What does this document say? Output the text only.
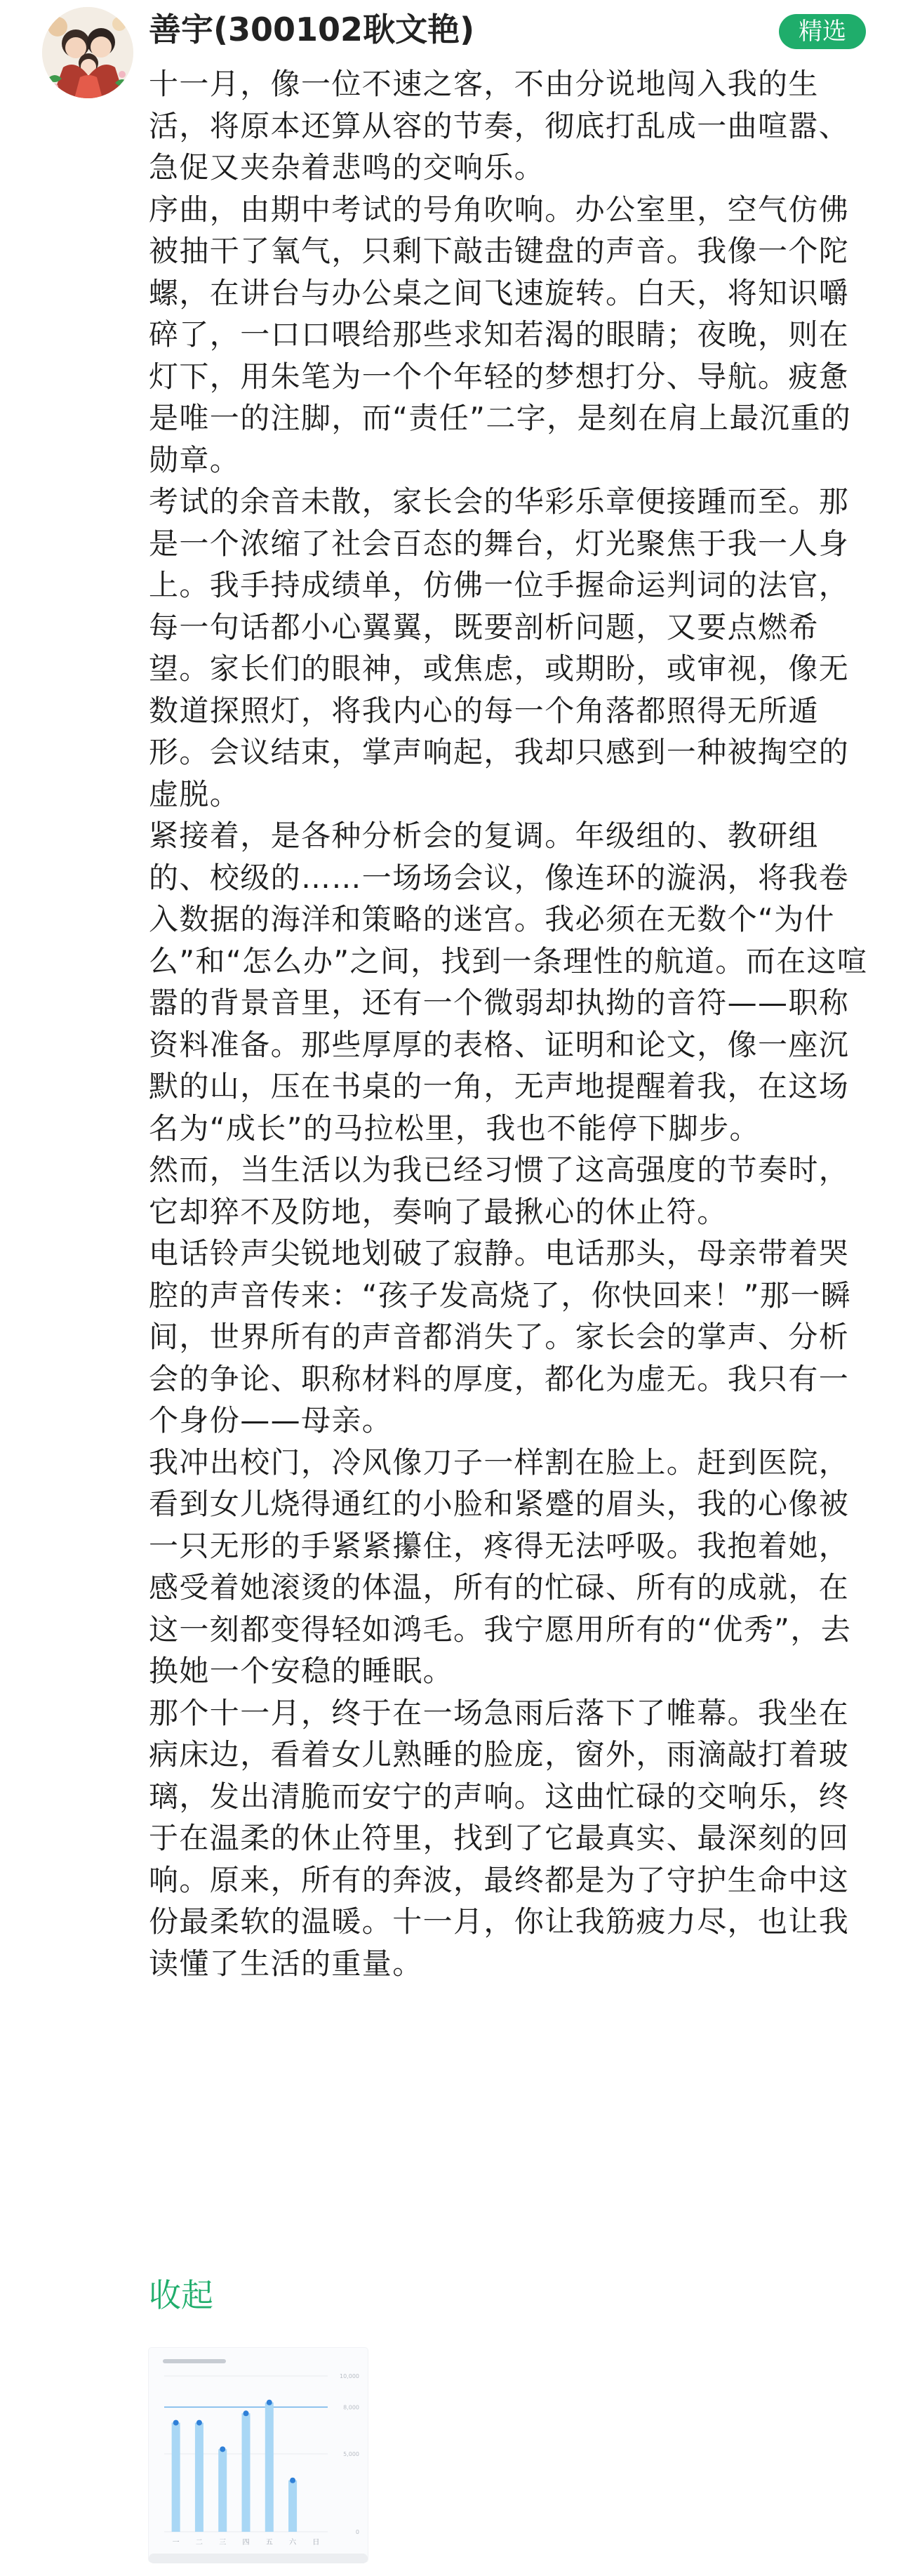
善宇(300102耿文艳)	精选

十一月，像一位不速之客，不由分说地闯入我的生活，将原本还算从容的节奏，彻底打乱成一曲喧嚣、急促又夹杂着悲鸣的交响乐。

序曲，由期中考试的号角吹响。办公室里，空气仿佛被抽干了氧气，只剩下敲击键盘的声音。我像一个陀螺，在讲台与办公桌之间飞速旋转。白天，将知识嚼碎了，一口口喂给那些求知若渴的眼睛；夜晚，则在灯下，用朱笔为一个个年轻的梦想打分、导航。疲惫是唯一的注脚，而“责任”二字，是刻在肩上最沉重的勋章。

考试的余音未散，家长会的华彩乐章便接踵而至。那是一个浓缩了社会百态的舞台，灯光聚焦于我一人身上。我手持成绩单，仿佛一位手握命运判词的法官，每一句话都小心翼翼，既要剖析问题，又要点燃希望。家长们的眼神，或焦虑，或期盼，或审视，像无数道探照灯，将我内心的每一个角落都照得无所遁形。会议结束，掌声响起，我却只感到一种被掏空的虚脱。

紧接着，是各种分析会的复调。年级组的、教研组的、校级的……一场场会议，像连环的漩涡，将我卷入数据的海洋和策略的迷宫。我必须在无数个“为什么”和“怎么办”之间，找到一条理性的航道。而在这喧嚣的背景音里，还有一个微弱却执拗的音符——职称资料准备。那些厚厚的表格、证明和论文，像一座沉默的山，压在书桌的一角，无声地提醒着我，在这场名为“成长”的马拉松里，我也不能停下脚步。

然而，当生活以为我已经习惯了这高强度的节奏时，它却猝不及防地，奏响了最揪心的休止符。

电话铃声尖锐地划破了寂静。电话那头，母亲带着哭腔的声音传来：“孩子发高烧了，你快回来！”那一瞬间，世界所有的声音都消失了。家长会的掌声、分析会的争论、职称材料的厚度，都化为虚无。我只有一个身份——母亲。

我冲出校门，冷风像刀子一样割在脸上。赶到医院，看到女儿烧得通红的小脸和紧蹙的眉头，我的心像被一只无形的手紧紧攥住，疼得无法呼吸。我抱着她，感受着她滚烫的体温，所有的忙碌、所有的成就，在这一刻都变得轻如鸿毛。我宁愿用所有的“优秀”，去换她一个安稳的睡眠。

那个十一月，终于在一场急雨后落下了帷幕。我坐在病床边，看着女儿熟睡的脸庞，窗外，雨滴敲打着玻璃，发出清脆而安宁的声响。这曲忙碌的交响乐，终于在温柔的休止符里，找到了它最真实、最深刻的回响。原来，所有的奔波，最终都是为了守护生命中这份最柔软的温暖。十一月，你让我筋疲力尽，也让我读懂了生活的重量。

收起
10,000
8,000
5,000
0
一 二 三 四 五 六 日
